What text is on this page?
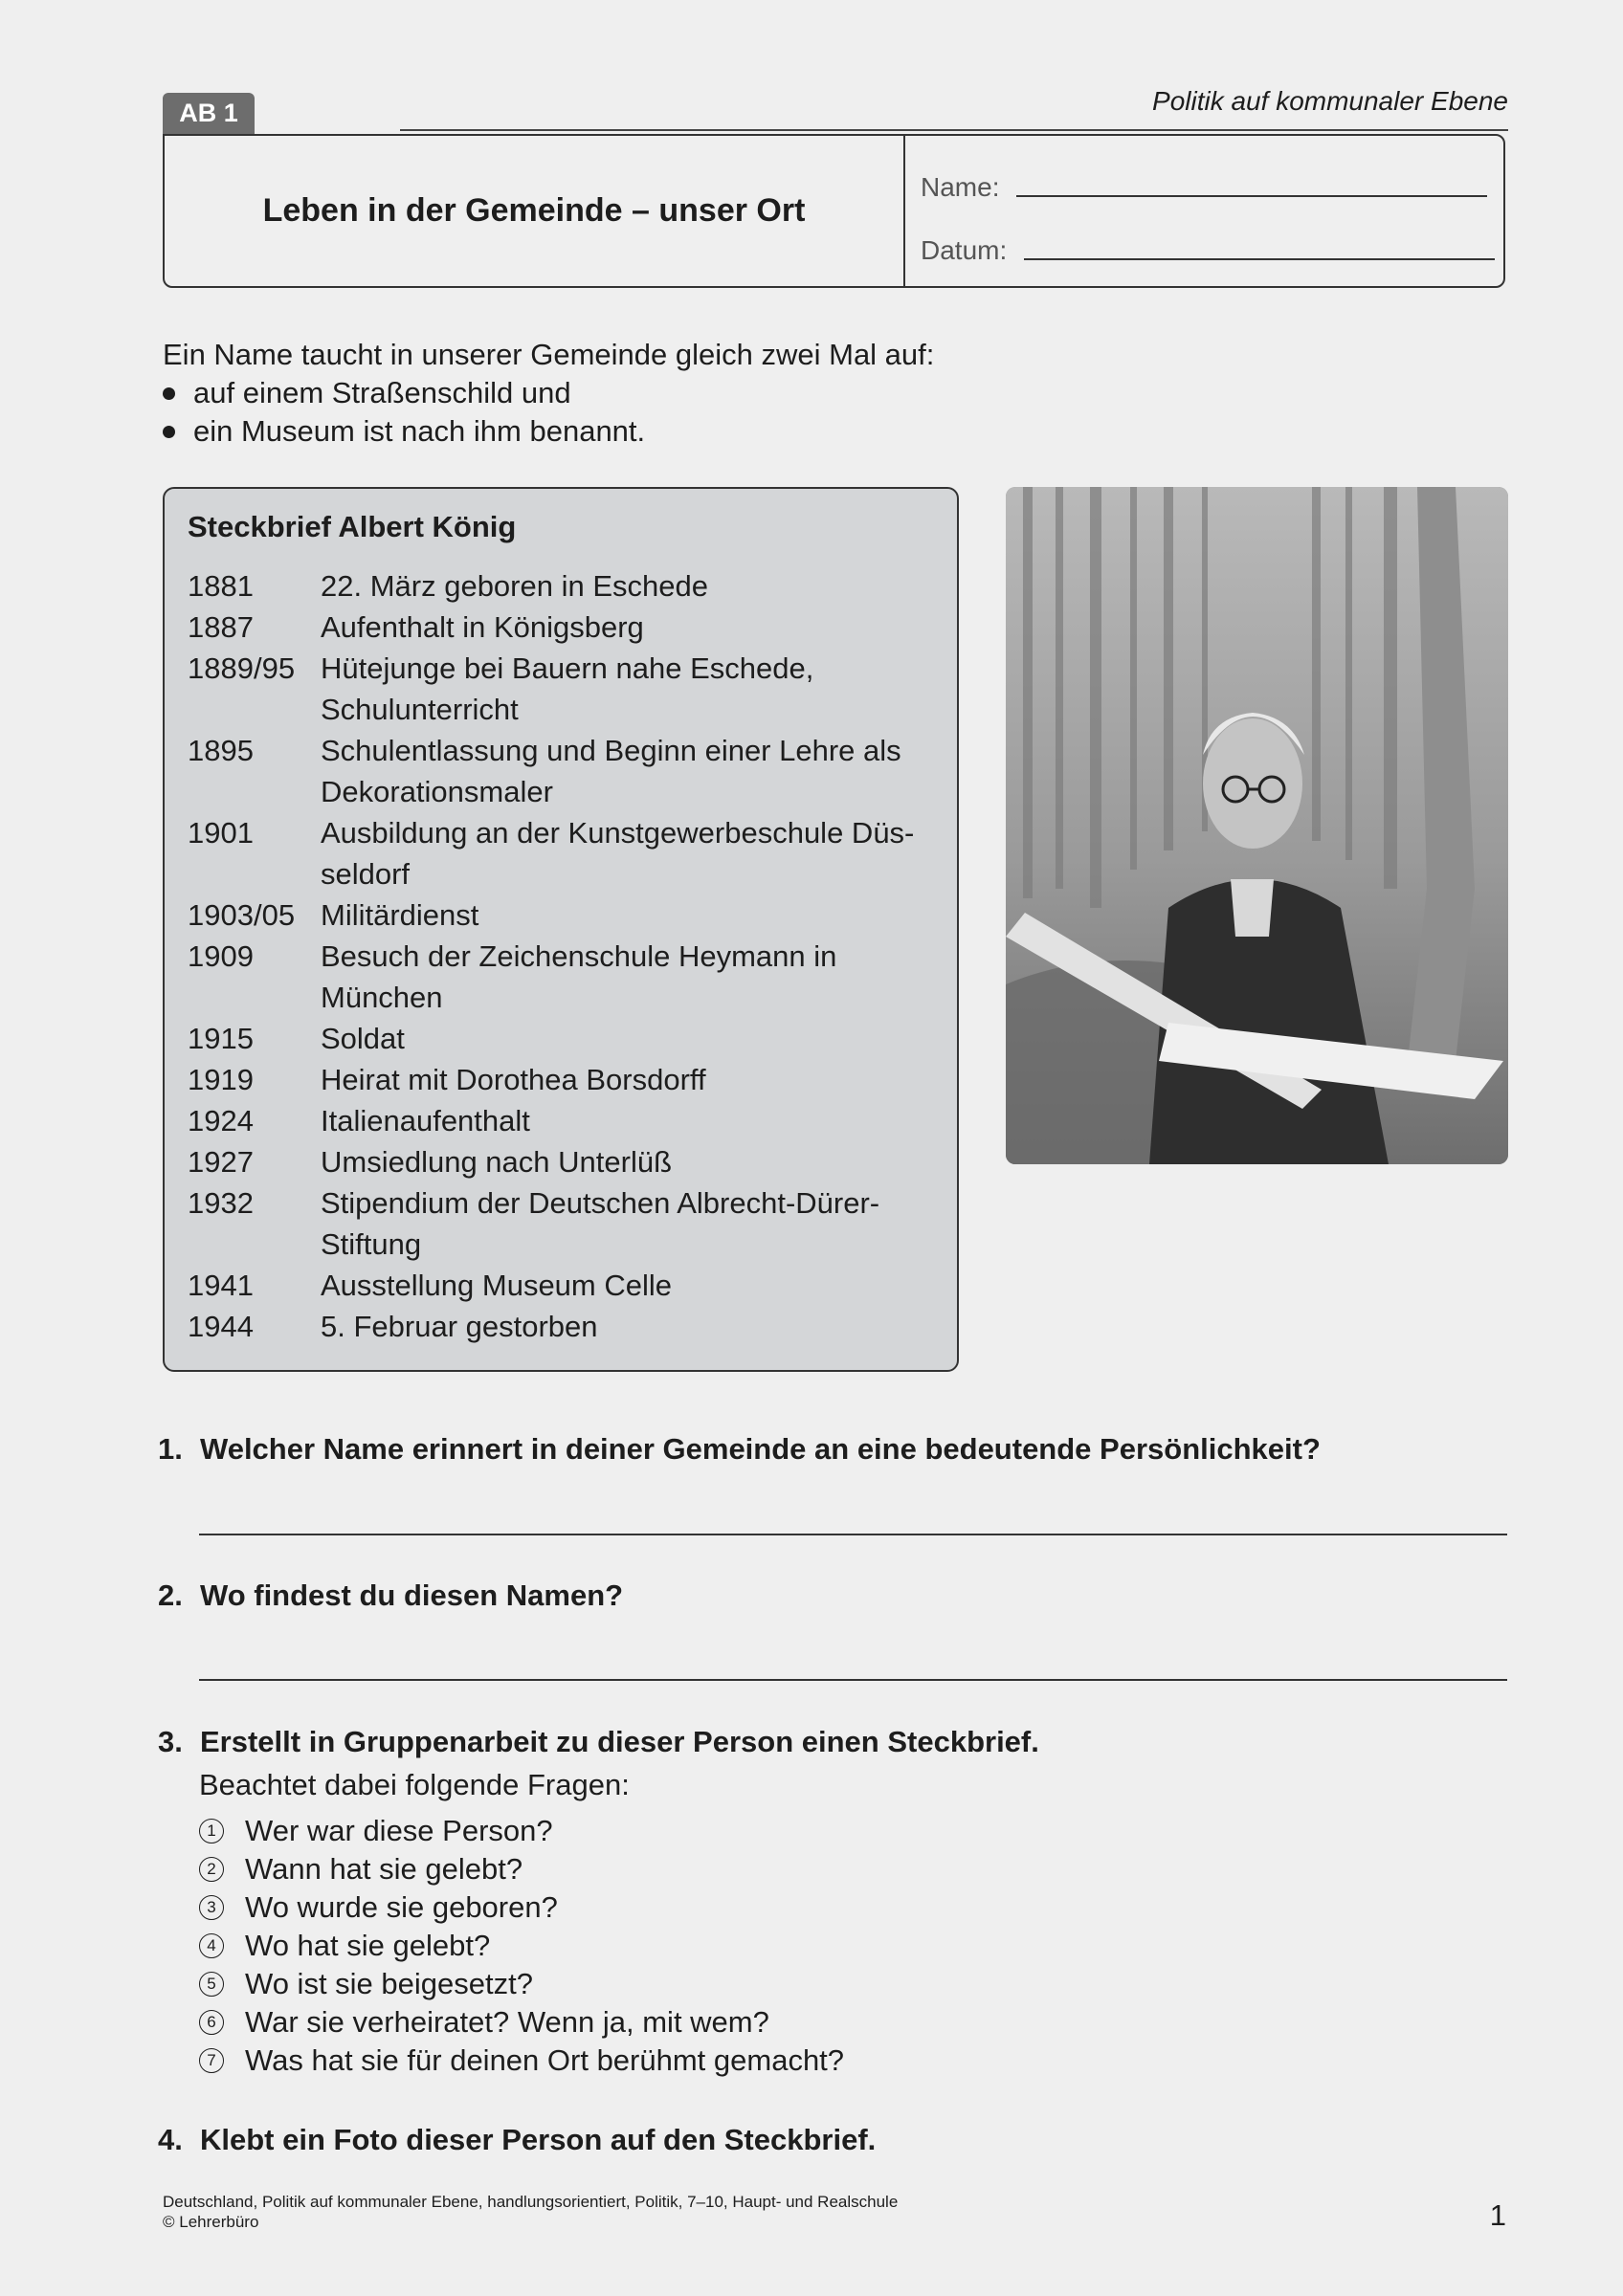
AB 1	Politik auf kommunaler Ebene
Leben in der Gemeinde – unser Ort
Name:
Datum:
Ein Name taucht in unserer Gemeinde gleich zwei Mal auf:
auf einem Straßenschild und
ein Museum ist nach ihm benannt.
Steckbrief Albert König
1881	22. März geboren in Eschede
1887	Aufenthalt in Königsberg
1889/95 Hütejunge bei Bauern nahe Eschede, Schulunterricht
1895	Schulentlassung und Beginn einer Lehre als Dekorationsmaler
1901	Ausbildung an der Kunstgewerbeschule Düs-seldorf
1903/05 Militärdienst
1909	Besuch der Zeichenschule Heymann in München
1915	Soldat
1919	Heirat mit Dorothea Borsdorff
1924	Italienaufenthalt
1927	Umsiedlung nach Unterlüß
1932	Stipendium der Deutschen Albrecht-Dürer-Stiftung
1941	Ausstellung Museum Celle
1944	5. Februar gestorben
1. Welcher Name erinnert in deiner Gemeinde an eine bedeutende Persönlichkeit?
2. Wo findest du diesen Namen?
3. Erstellt in Gruppenarbeit zu dieser Person einen Steckbrief.
Beachtet dabei folgende Fragen:
1 Wer war diese Person?
2 Wann hat sie gelebt?
3 Wo wurde sie geboren?
4 Wo hat sie gelebt?
5 Wo ist sie beigesetzt?
6 War sie verheiratet? Wenn ja, mit wem?
7 Was hat sie für deinen Ort berühmt gemacht?
4. Klebt ein Foto dieser Person auf den Steckbrief.
Deutschland, Politik auf kommunaler Ebene, handlungsorientiert, Politik, 7–10, Haupt- und Realschule
© Lehrerbüro	1
